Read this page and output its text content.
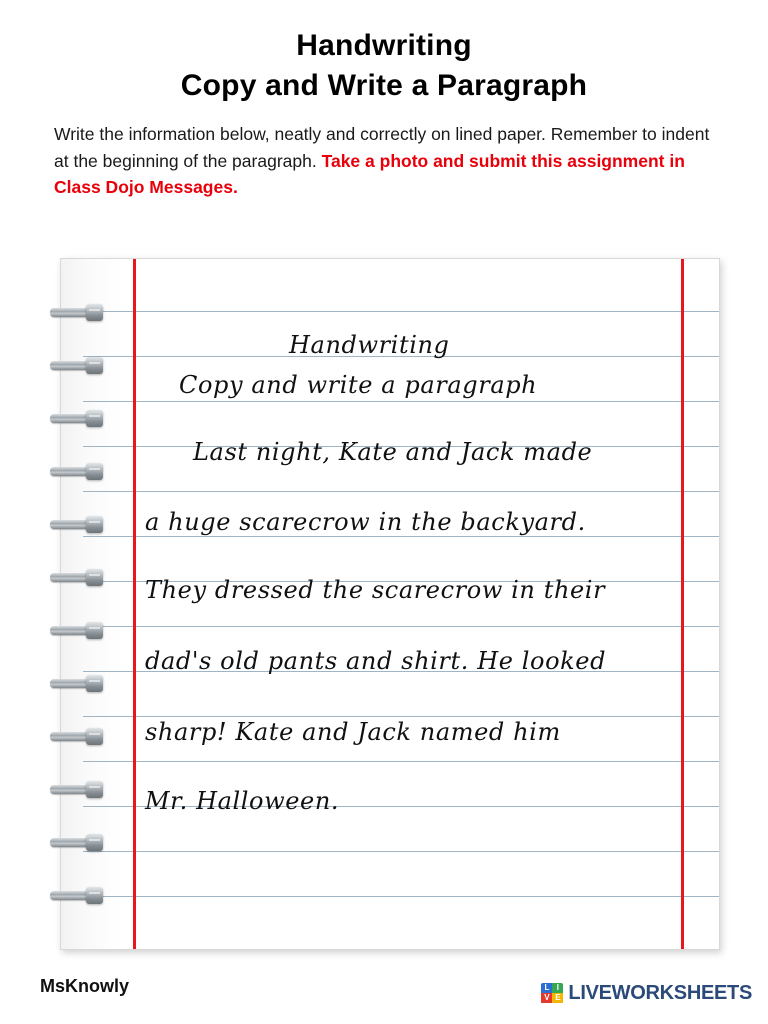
Handwriting
Copy and Write a Paragraph
Write the information below, neatly and correctly on lined paper. Remember to indent at the beginning of the paragraph. Take a photo and submit this assignment in Class Dojo Messages.
Handwriting
Copy and write a paragraph
Last night, Kate and Jack made
a huge scarecrow in the backyard.
They dressed the scarecrow in their
dad's old pants and shirt. He looked
sharp! Kate and Jack named him
Mr. Halloween.
MsKnowly	L I
V E LIVEWORKSHEETS
